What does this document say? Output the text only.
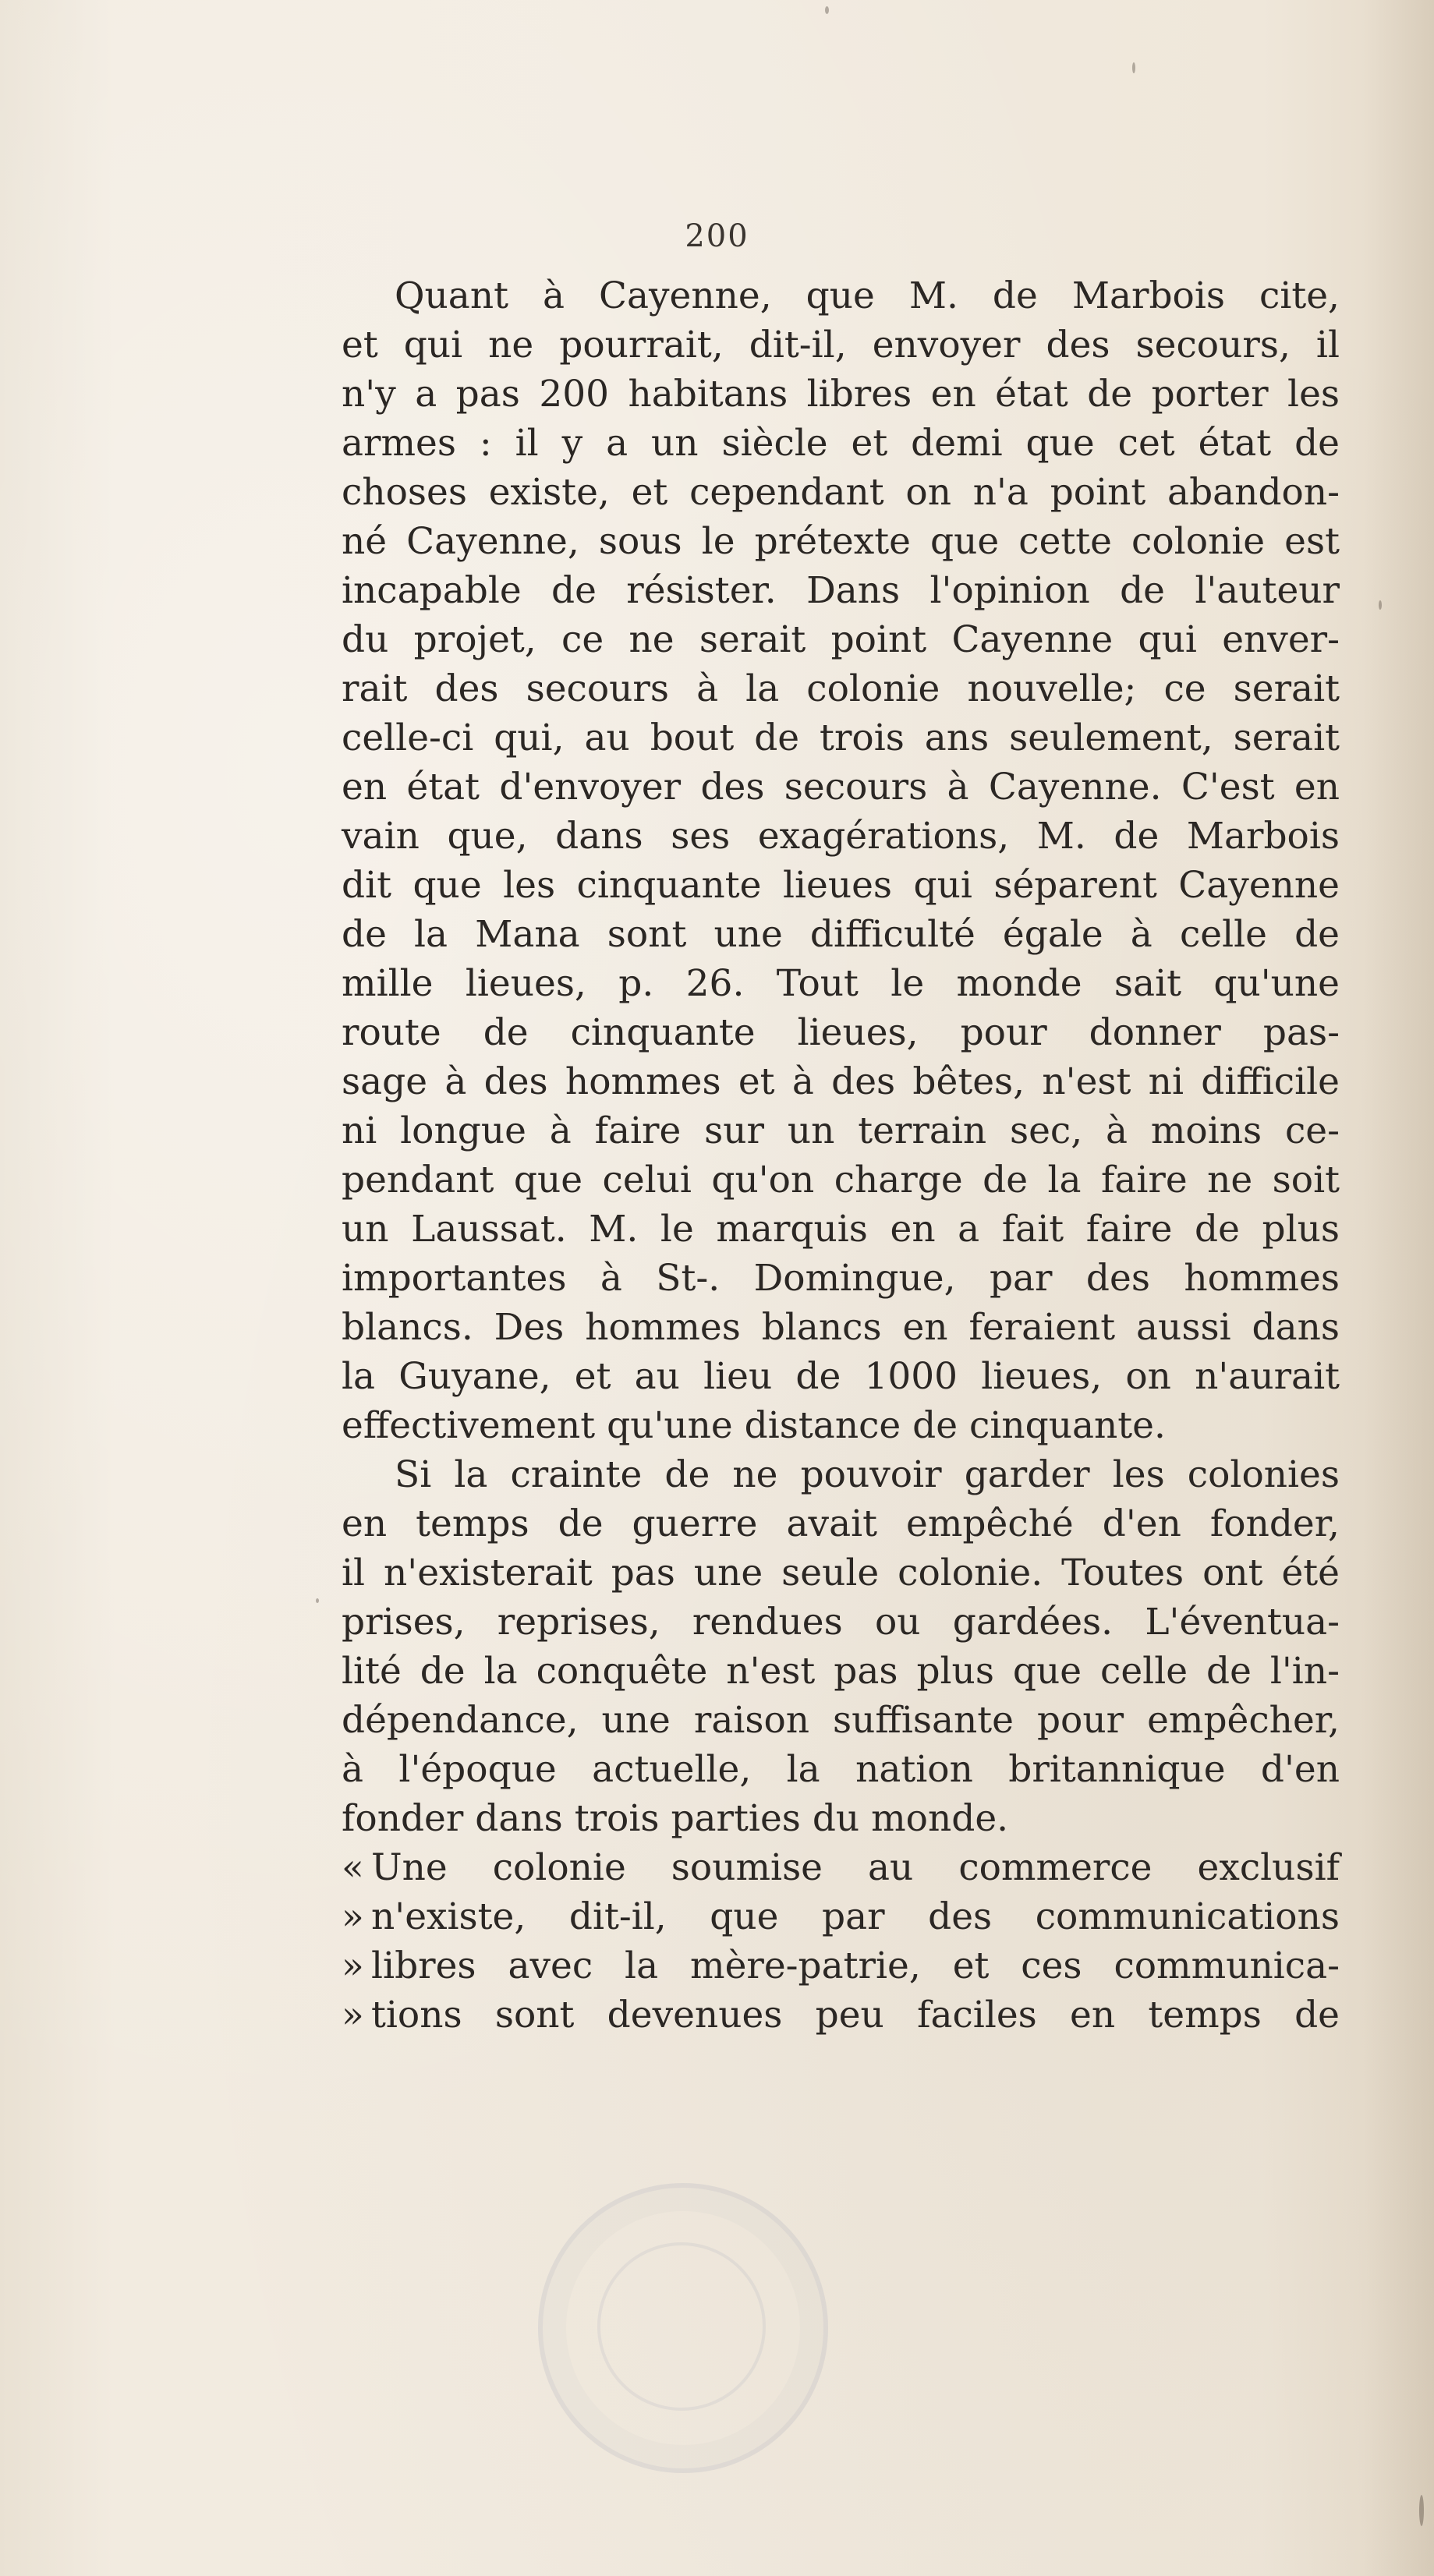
200
Quant à Cayenne, que M. de Marbois cite,
et qui ne pourrait, dit-il, envoyer des secours, il
n'y a pas 200 habitans libres en état de porter les
armes : il y a un siècle et demi que cet état de
choses existe, et cependant on n'a point abandon-
né Cayenne, sous le prétexte que cette colonie est
incapable de résister. Dans l'opinion de l'auteur
du projet, ce ne serait point Cayenne qui enver-
rait des secours à la colonie nouvelle; ce serait
celle-ci qui, au bout de trois ans seulement, serait
en état d'envoyer des secours à Cayenne. C'est en
vain que, dans ses exagérations, M. de Marbois
dit que les cinquante lieues qui séparent Cayenne
de la Mana sont une difficulté égale à celle de
mille lieues, p. 26. Tout le monde sait qu'une
route de cinquante lieues, pour donner pas-
sage à des hommes et à des bêtes, n'est ni difficile
ni longue à faire sur un terrain sec, à moins ce-
pendant que celui qu'on charge de la faire ne soit
un Laussat. M. le marquis en a fait faire de plus
importantes à St-. Domingue, par des hommes
blancs. Des hommes blancs en feraient aussi dans
la Guyane, et au lieu de 1000 lieues, on n'aurait
effectivement qu'une distance de cinquante.
Si la crainte de ne pouvoir garder les colonies
en temps de guerre avait empêché d'en fonder,
il n'existerait pas une seule colonie. Toutes ont été
prises, reprises, rendues ou gardées. L'éventua-
lité de la conquête n'est pas plus que celle de l'in-
dépendance, une raison suffisante pour empêcher,
à l'époque actuelle, la nation britannique d'en
fonder dans trois parties du monde.
« Une colonie soumise au commerce exclusif
» n'existe, dit-il, que par des communications
» libres avec la mère-patrie, et ces communica-
» tions sont devenues peu faciles en temps de
